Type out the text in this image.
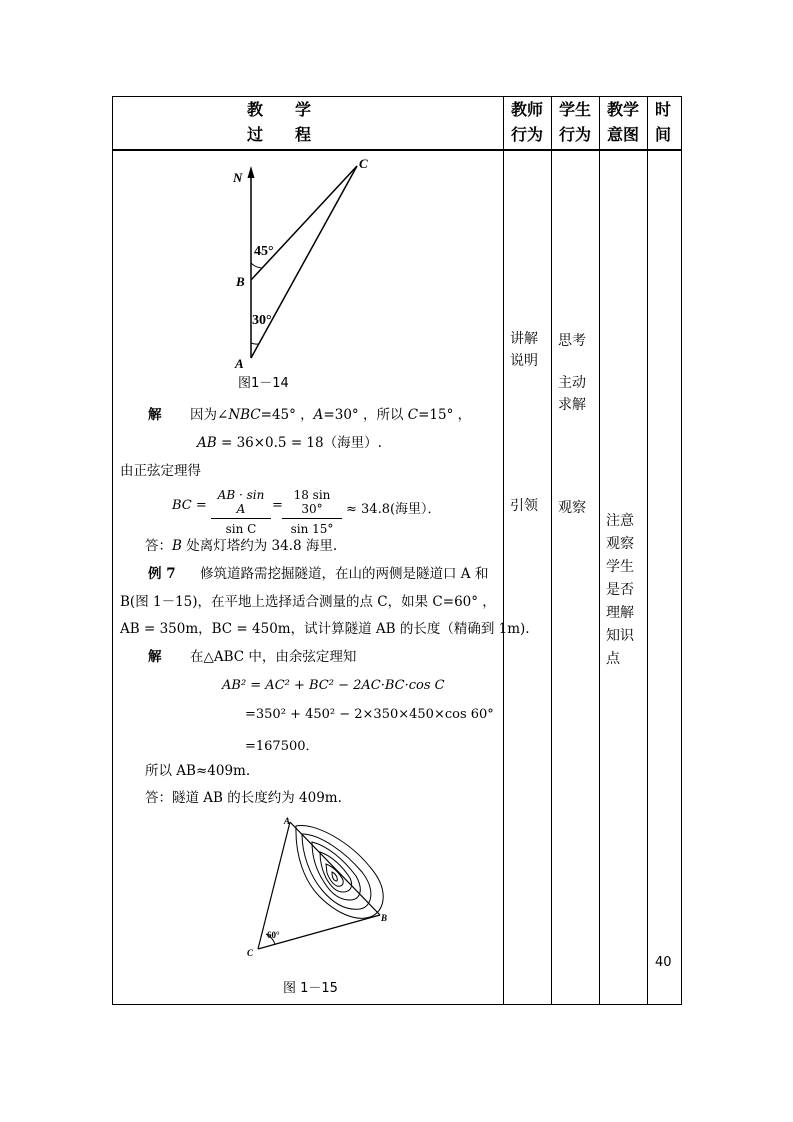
教　　学
过　　程
教师行为
学生行为
教学意图
时间
讲解说明
引领
思考
主动求解
观察
注意观察学生是否理解知识点
40
N
C
B
A
45°
30°
图1－14
解 因为∠NBC=45° ，A=30° ，所以 C=15° ，
AB = 36×0.5 = 18（海里）.
由正弦定理得
BC = $\frac{\text{AB · sin A}}{\text{sin C}} = \frac{18 \sin 30^\circ}{\sin 15^\circ} \approx 34.8$(海里）．
答：B 处离灯塔约为 34.8 海里.
例 7 修筑道路需挖掘隧道，在山的两侧是隧道口 A 和
B(图 1－15)，在平地上选择适合测量的点 C，如果 C=60° ，
AB = 350m，BC = 450m，试计算隧道 AB 的长度（精确到 1m).
解 在△ABC 中，由余弦定理知
AB² = AC² + BC² − 2AC·BC·cos C
=350² + 450² − 2×350×450×cos 60°
=167500．
所以 AB≈409m.
答：隧道 AB 的长度约为 409m.
A
B
C
60°
图 1－15
